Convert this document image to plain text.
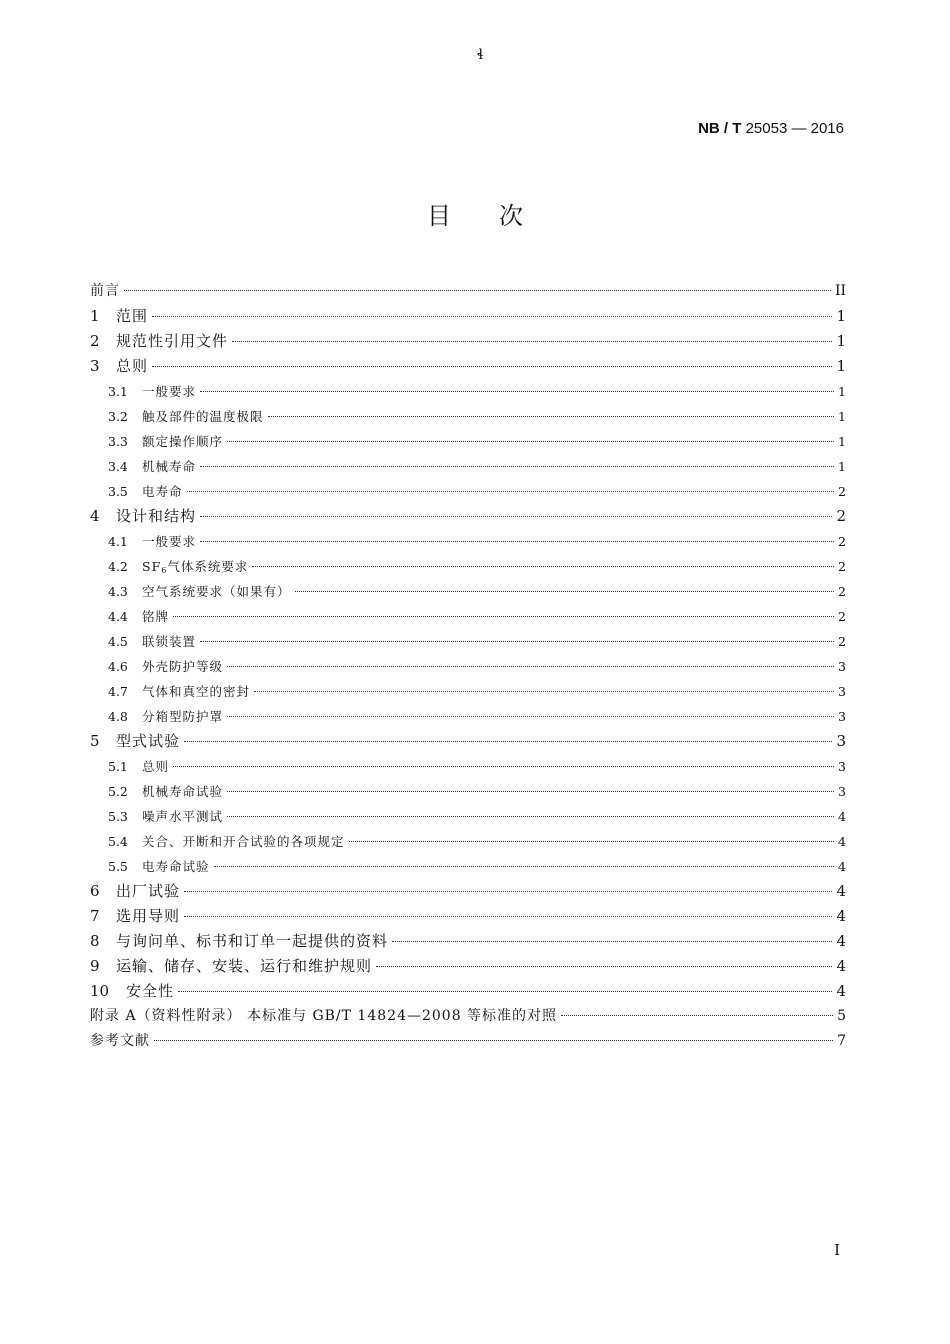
ɬ
NB / T 25053 — 2016
目次
前言	II
1	范围	1
2	规范性引用文件	1
3	总则	1
3.1	一般要求	1
3.2	触及部件的温度极限	1
3.3	额定操作顺序	1
3.4	机械寿命	1
3.5	电寿命	2
4	设计和结构	2
4.1	一般要求	2
4.2	$SF_6$气体系统要求	2
4.3	空气系统要求（如果有）	2
4.4	铭牌	2
4.5	联锁装置	2
4.6	外壳防护等级	3
4.7	气体和真空的密封	3
4.8	分箱型防护罩	3
5	型式试验	3
5.1	总则	3
5.2	机械寿命试验	3
5.3	噪声水平测试	4
5.4	关合、开断和开合试验的各项规定	4
5.5	电寿命试验	4
6	出厂试验	4
7	选用导则	4
8	与询问单、标书和订单一起提供的资料	4
9	运输、储存、安装、运行和维护规则	4
10	安全性	4
附录 A（资料性附录） 本标准与 GB/T 14824—2008 等标准的对照	5
参考文献	7
I
